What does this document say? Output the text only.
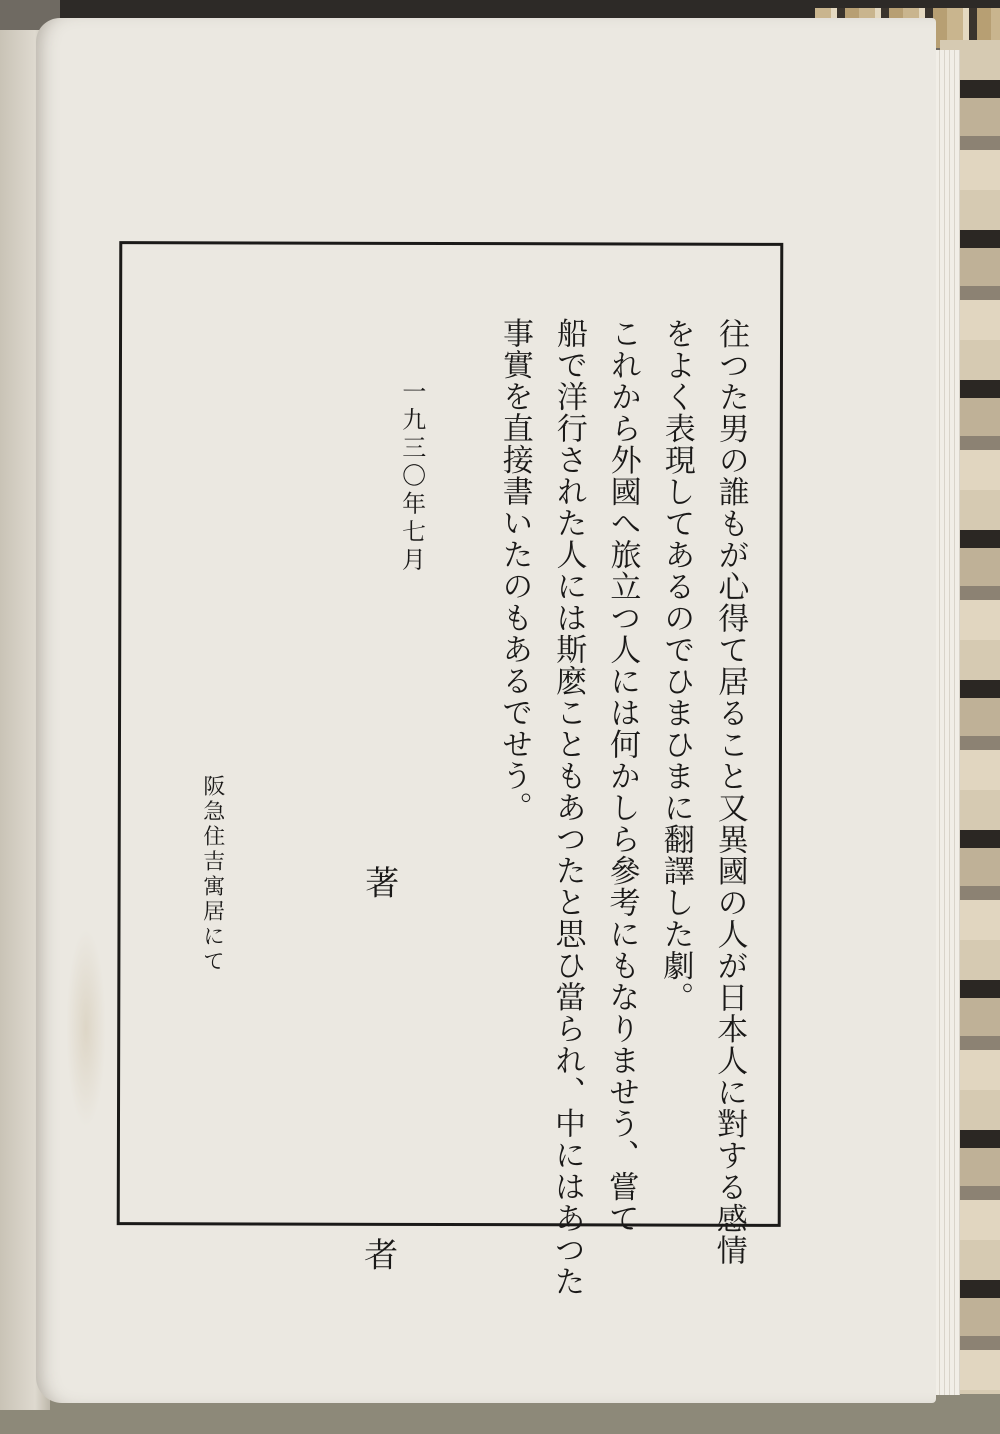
往つた男の誰もが心得て居ること又異國の人が日本人に對する感情
をよく表現してあるのでひまひまに翻譯した劇。
これから外國へ旅立つ人には何かしら參考にもなりませう、嘗て
船で洋行された人には斯麽こともあつたと思ひ當られ、中にはあつた
事實を直接書いたのもあるでせう。
一九三〇年七月
阪急住吉寓居にて	著　　者
